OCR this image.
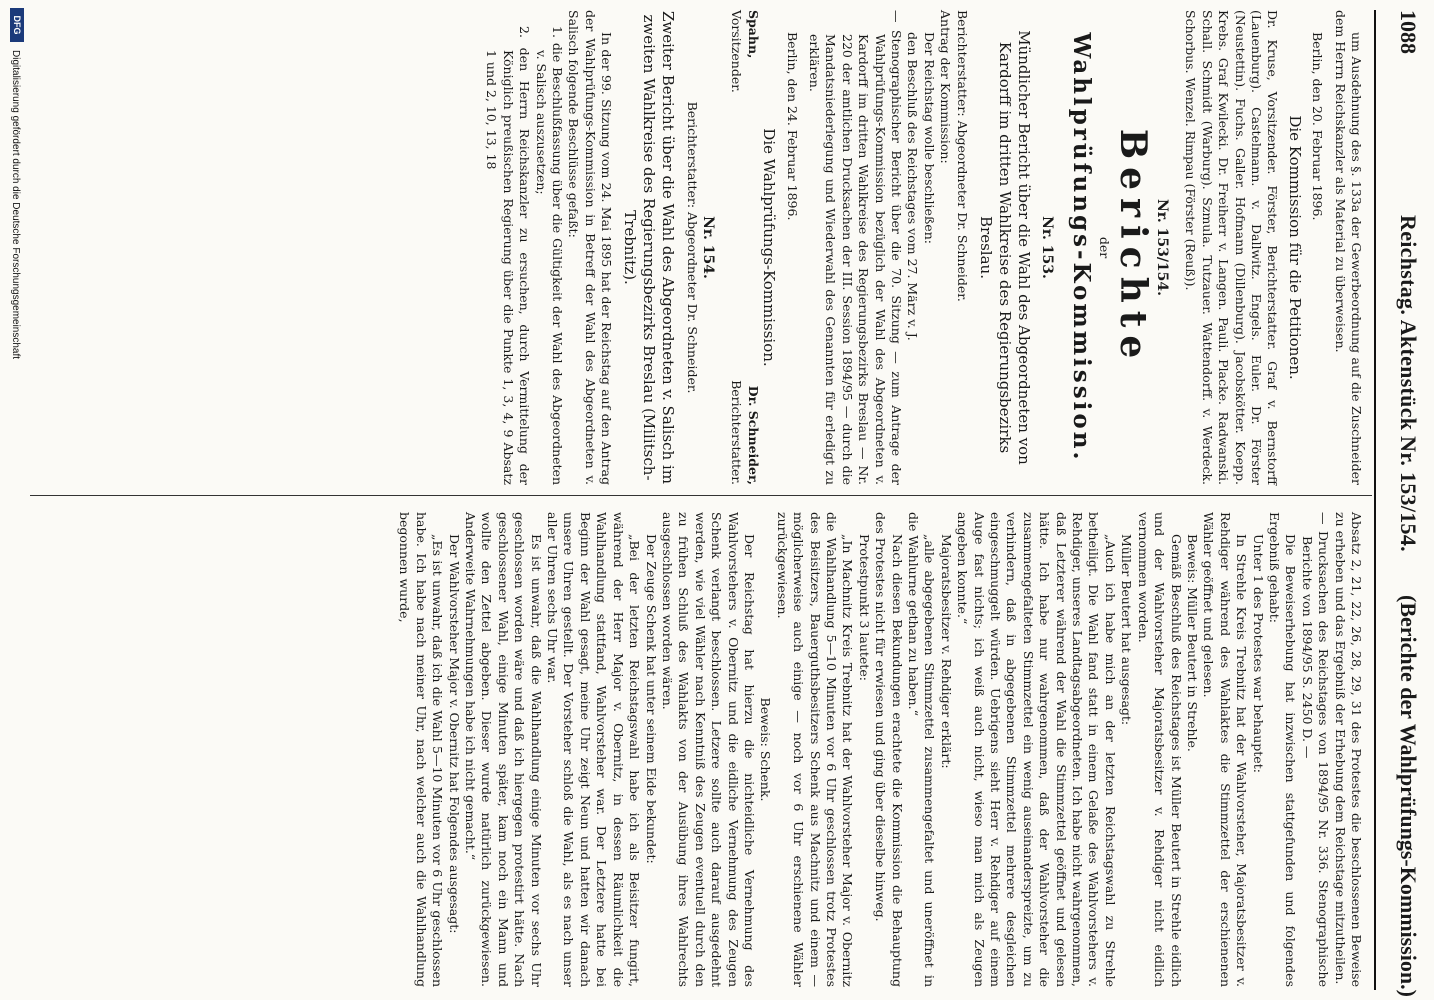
1088
Reichstag. Aktenstück Nr. 153/154.
(Berichte der Wahlprüfungs-Kommission.)

um Ausdehnung des §. 133a der Gewerbeordnung auf die Zuschneider dem Herrn Reichskanzler als Material zu überweisen.

Berlin, den 20. Februar 1896.

Die Kommission für die Petitionen.

Dr. Kruse, Vorsitzender. Förster, Berichterstatter. Graf v. Bernstorff (Lauenburg). Castelmann. v. Dallwitz. Engels. Euler. Dr. Förster (Neustettin). Fuchs. Galler. Hofmann (Dillenburg). Jacobskötter. Koepp. Krebs. Graf Kwilecki. Dr. Freiherr v. Langen. Pauli. Placke. Radwanski. Schall. Schmidt (Warburg). Szmula. Tutzauer. Wattendorff. v. Werdeck. Schorbus. Wenzel. Rimpau (Förster (Reuß)).

Nr. 153/154.

Berichte

der

Wahlprüfungs-Kommission.

Nr. 153.

Mündlicher Bericht über die Wahl des Abgeordneten von Kardorff im dritten Wahlkreise des Regierungsbezirks Breslau.

Berichterstatter: Abgeordneter Dr. Schneider.

Antrag der Kommission:

Der Reichstag wolle beschließen:

den Beschluß des Reichstages vom 27. März v. J.

— Stenographischer Bericht über die 70. Sitzung — zum Antrage der Wahlprüfungs-Kommission bezüglich der Wahl des Abgeordneten v. Kardorff im dritten Wahlkreise des Regierungsbezirks Breslau — Nr. 220 der amtlichen Drucksachen der III. Session 1894/95 — durch die Mandatsniederlegung und Wiederwahl des Genannten für erledigt zu erklären.

Berlin, den 24. Februar 1896.

Die Wahlprüfungs-Kommission.

Spahn,

Vorsitzender.

Dr. Schneider,

Berichterstatter.

Nr. 154.

Berichterstatter: Abgeordneter Dr. Schneider.

Zweiter Bericht über die Wahl des Abgeordneten v. Salisch im zweiten Wahlkreise des Regierungsbezirks Breslau (Militsch-Trebnitz).

In der 99. Sitzung vom 24. Mai 1895 hat der Reichstag auf den Antrag der Wahlprüfungs-Kommission in Betreff der Wahl des Abgeordneten v. Salisch folgende Beschlüsse gefaßt:

1. die Beschlußfassung über die Gültigkeit der Wahl des Abgeordneten v. Salisch auszusetzen;

2. den Herrn Reichskanzler zu ersuchen, durch Vermittelung der Königlich preußischen Regierung über die Punkte 1, 3, 4, 9 Absatz 1 und 2, 10, 13, 18

Absatz 2, 21, 22, 26, 28, 29, 31 des Protestes die beschlossenen Beweise zu erheben und das Ergebniß der Erhebung dem Reichstage mitzutheilen.

— Drucksachen des Reichstages von 1894/95 Nr. 336. Stenographische Berichte von 1894/95 S. 2450 D. —

Die Beweiserhebung hat inzwischen stattgefunden und folgendes Ergebniß gehabt:

Unter 1 des Protestes war behauptet:

In Strehle Kreis Trebnitz hat der Wahlvorsteher, Majoratsbesitzer v. Rehdiger während des Wahlaktes die Stimmzettel der erschienenen Wähler geöffnet und gelesen.

Beweis: Müller Beutert in Strehle.

Gemäß Beschluß des Reichstages ist Müller Beutert in Strehle eidlich und der Wahlvorsteher Majoratsbesitzer v. Rehdiger nicht eidlich vernommen worden.

Müller Beutert hat ausgesagt:

„Auch ich habe mich an der letzten Reichstagswahl zu Strehle betheiligt. Die Wahl fand statt in einem Gelaße des Wahlvorstehers v. Rehdiger, unseres Landtagsabgeordneten. Ich habe nicht wahrgenommen, daß Letzterer während der Wahl die Stimmzettel geöffnet und gelesen hätte. Ich habe nur wahrgenommen, daß der Wahlvorsteher die zusammengefalteten Stimmzettel ein wenig auseinanderspreizte, um zu verhindern, daß in abgegebenen Stimmzettel mehrere desgleichen eingeschmuggelt würden. Uebrigens sieht Herr v. Rehdiger auf einem Auge fast nichts; ich weiß auch nicht, wieso man mich als Zeugen angeben konnte.“

Majoratsbesitzer v. Rehdiger erklärt:

„alle abgegebenen Stimmzettel zusammengefaltet und uneröffnet in die Wahlurne gethan zu haben.“

Nach diesen Bekundungen erachtete die Kommission die Behauptung des Protestes nicht für erwiesen und ging über dieselbe hinweg.

Protestpunkt 3 lautete:

„In Machnitz Kreis Trebnitz hat der Wahlvorsteher Major v. Obernitz die Wahlhandlung 5—10 Minuten vor 6 Uhr geschlossen trotz Protestes des Beisitzers, Bauerguthsbesitzers Schenk aus Machnitz und einem — möglicherweise auch einige — noch vor 6 Uhr erschienene Wähler zurückgewiesen.

Beweis: Schenk.

Der Reichstag hat hierzu die nichteidliche Vernehmung des Wahlvorstehers v. Obernitz und die eidliche Vernehmung des Zeugen Schenk verlangt beschlossen. Letzere sollte auch darauf ausgedehnt werden, wie viel Wähler nach Kenntniß des Zeugen eventuell durch den zu frühen Schluß des Wahlakts von der Ausübung ihres Wahlrechts ausgeschlossen worden wären.

Der Zeuge Schenk hat unter seinem Eide bekundet:

„Bei der letzten Reichstagswahl habe ich als Beisitzer fungirt, während der Herr Major v. Obernitz, in dessen Räumlichkeit die Wahlhandlung stattfand, Wahlvorsteher war. Der Letztere hatte bei Beginn der Wahl gesagt, meine Uhr zeigt Neun und hatten wir danach unsere Uhren gestellt. Der Vorsteher schloß die Wahl, als es nach unser aller Uhren sechs Uhr war.

Es ist unwahr, daß die Wahlhandlung einige Minuten vor sechs Uhr geschlossen worden wäre und daß ich hiergegen protestirt hätte. Nach geschlossener Wahl, einige Minuten später, kam noch ein Mann und wollte den Zettel abgeben. Dieser wurde natürlich zurückgewiesen. Anderweite Wahrnehmungen habe ich nicht gemacht.“

Der Wahlvorsteher Major v. Obernitz hat Folgendes ausgesagt:

„Es ist unwahr, daß ich die Wahl 5—10 Minuten vor 6 Uhr geschlossen habe. Ich habe nach meiner Uhr, nach welcher auch die Wahlhandlung begonnen wurde,

DFG
Digitalisierung gefördert durch die Deutsche Forschungsgemeinschaft
